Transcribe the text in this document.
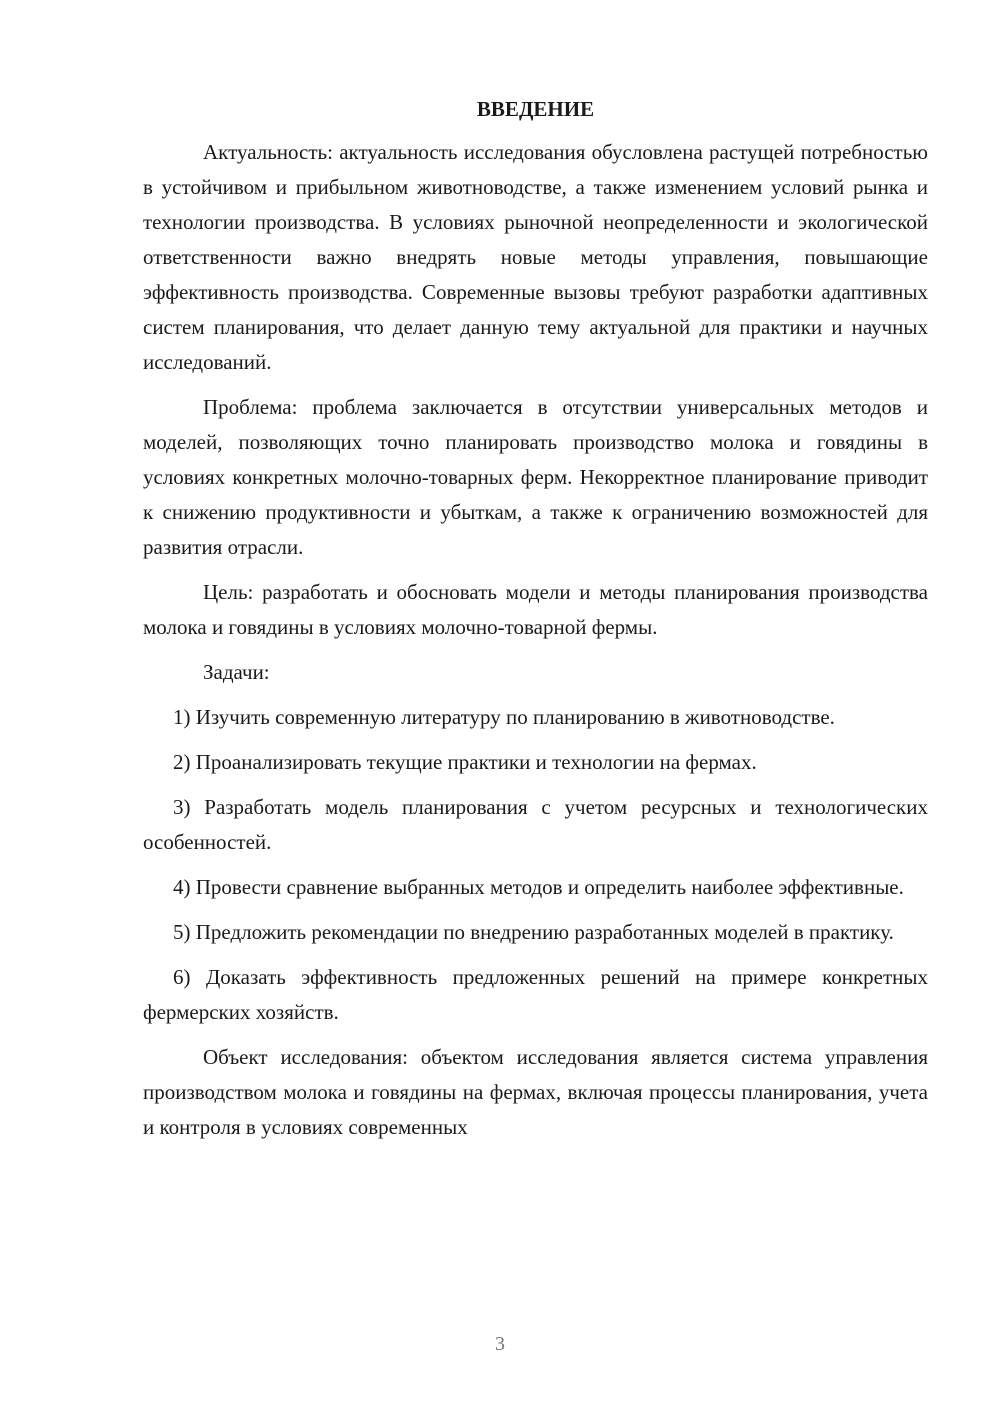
ВВЕДЕНИЕ

Актуальность: актуальность исследования обусловлена растущей потребностью в устойчивом и прибыльном животноводстве, а также изменением условий рынка и технологии производства. В условиях рыночной неопределенности и экологической ответственности важно внедрять новые методы управления, повышающие эффективность производства. Современные вызовы требуют разработки адаптивных систем планирования, что делает данную тему актуальной для практики и научных исследований.

Проблема: проблема заключается в отсутствии универсальных методов и моделей, позволяющих точно планировать производство молока и говядины в условиях конкретных молочно-товарных ферм. Некорректное планирование приводит к снижению продуктивности и убыткам, а также к ограничению возможностей для развития отрасли.

Цель: разработать и обосновать модели и методы планирования производства молока и говядины в условиях молочно-товарной фермы.

Задачи:

1) Изучить современную литературу по планированию в животноводстве.

2) Проанализировать текущие практики и технологии на фермах.

3) Разработать модель планирования с учетом ресурсных и технологических особенностей.

4) Провести сравнение выбранных методов и определить наиболее эффективные.

5) Предложить рекомендации по внедрению разработанных моделей в практику.

6) Доказать эффективность предложенных решений на примере конкретных фермерских хозяйств.

Объект исследования: объектом исследования является система управления производством молока и говядины на фермах, включая процессы планирования, учета и контроля в условиях современных

3
